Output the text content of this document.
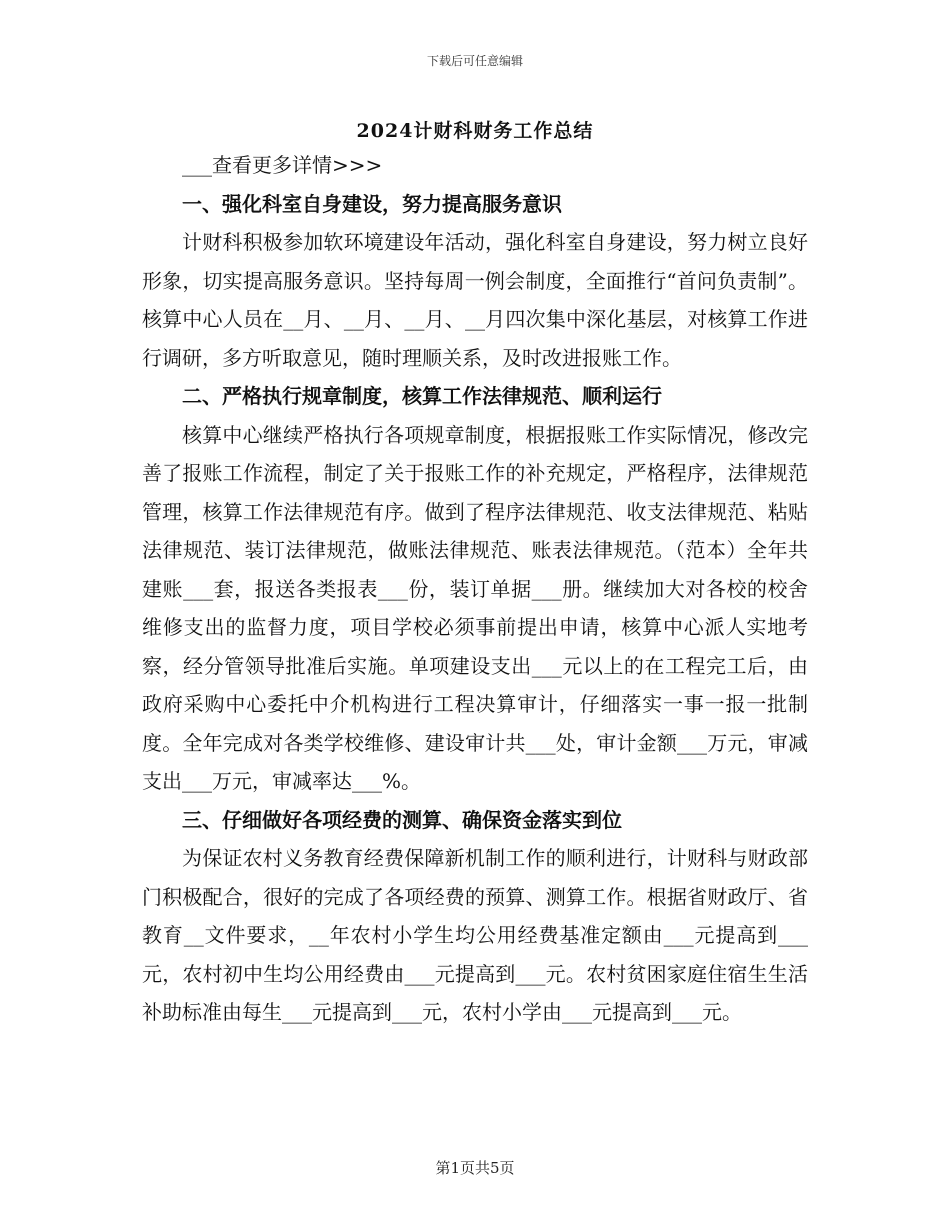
下载后可任意编辑
2024计财科财务工作总结

___查看更多详情>>>

一、强化科室自身建设，努力提高服务意识

计财科积极参加软环境建设年活动，强化科室自身建设，努力树立良好形象，切实提高服务意识。坚持每周一例会制度，全面推行“首问负责制”。核算中心人员在__月、__月、__月、__月四次集中深化基层，对核算工作进行调研，多方听取意见，随时理顺关系，及时改进报账工作。

二、严格执行规章制度，核算工作法律规范、顺利运行

核算中心继续严格执行各项规章制度，根据报账工作实际情况，修改完善了报账工作流程，制定了关于报账工作的补充规定，严格程序，法律规范管理，核算工作法律规范有序。做到了程序法律规范、收支法律规范、粘贴法律规范、装订法律规范，做账法律规范、账表法律规范。（范本）全年共建账___套，报送各类报表___份，装订单据___册。继续加大对各校的校舍维修支出的监督力度，项目学校必须事前提出申请，核算中心派人实地考察，经分管领导批准后实施。单项建设支出___元以上的在工程完工后，由政府采购中心委托中介机构进行工程决算审计，仔细落实一事一报一批制度。全年完成对各类学校维修、建设审计共___处，审计金额___万元，审减支出___万元，审减率达___%。

三、仔细做好各项经费的测算、确保资金落实到位

为保证农村义务教育经费保障新机制工作的顺利进行，计财科与财政部门积极配合，很好的完成了各项经费的预算、测算工作。根据省财政厅、省教育__文件要求，__年农村小学生均公用经费基准定额由___元提高到___元，农村初中生均公用经费由___元提高到___元。农村贫困家庭住宿生生活补助标准由每生___元提高到___元，农村小学由___元提高到___元。

第1页共5页
